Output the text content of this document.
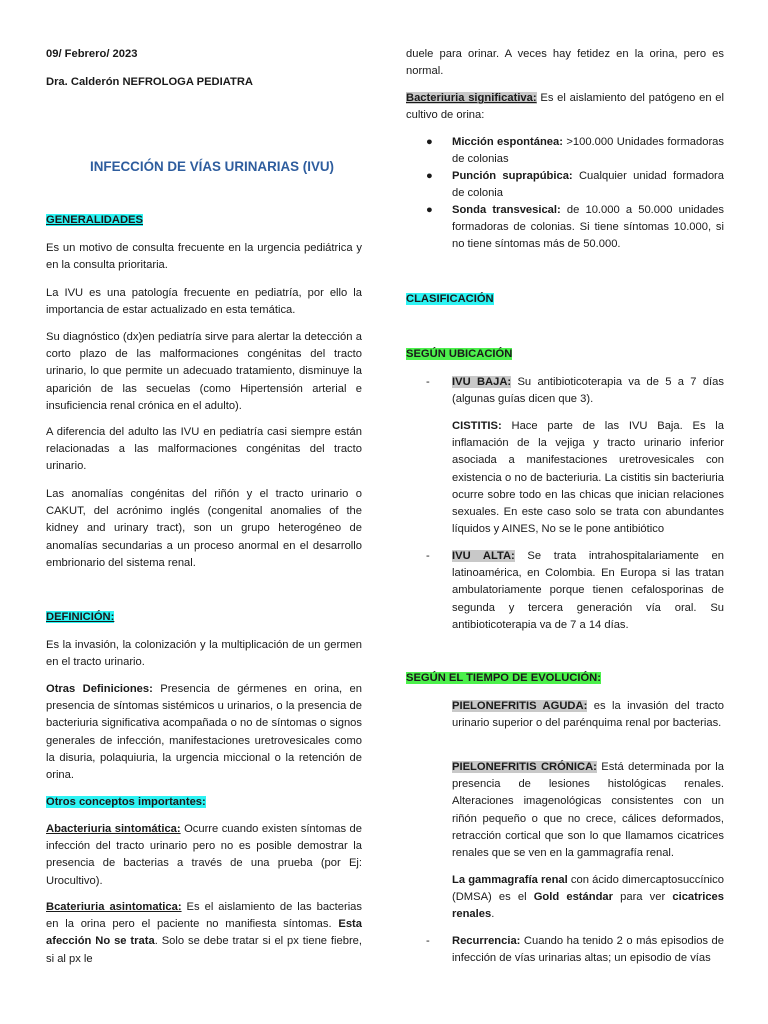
09/ Febrero/ 2023
Dra. Calderón NEFROLOGA PEDIATRA
INFECCIÓN DE VÍAS URINARIAS (IVU)
GENERALIDADES
Es un motivo de consulta frecuente en la urgencia pediátrica y en la consulta prioritaria.
La IVU es una patología frecuente en pediatría, por ello la importancia de estar actualizado en esta temática.
Su diagnóstico (dx)en pediatría sirve para alertar la detección a corto plazo de las malformaciones congénitas del tracto urinario, lo que permite un adecuado tratamiento, disminuye la aparición de las secuelas (como Hipertensión arterial e insuficiencia renal crónica en el adulto).
A diferencia del adulto las IVU en pediatría casi siempre están relacionadas a las malformaciones congénitas del tracto urinario.
Las anomalías congénitas del riñón y el tracto urinario o CAKUT, del acrónimo inglés (congenital anomalies of the kidney and urinary tract), son un grupo heterogéneo de anomalías secundarias a un proceso anormal en el desarrollo embrionario del sistema renal.
DEFINICIÓN:
Es la invasión, la colonización y la multiplicación de un germen en el tracto urinario.
Otras Definiciones: Presencia de gérmenes en orina, en presencia de síntomas sistémicos u urinarios, o la presencia de bacteriuria significativa acompañada o no de síntomas o signos generales de infección, manifestaciones uretrovesicales como la disuria, polaquiuria, la urgencia miccional o la retención de orina.
Otros conceptos importantes:
Abacteriuria sintomática: Ocurre cuando existen síntomas de infección del tracto urinario pero no es posible demostrar la presencia de bacterias a través de una prueba (por Ej: Urocultivo).
Bcateriuria asintomatica: Es el aislamiento de las bacterias en la orina pero el paciente no manifiesta síntomas. Esta afección No se trata. Solo se debe tratar si el px tiene fiebre, si al px le
duele para orinar. A veces hay fetidez en la orina, pero es normal.
Bacteriuria significativa: Es el aislamiento del patógeno en el cultivo de orina:
Micción espontánea: >100.000 Unidades formadoras de colonias
●
Punción suprapúbica: Cualquier unidad formadora de colonia
●
Sonda transvesical: de 10.000 a 50.000 unidades formadoras de colonias. Si tiene síntomas 10.000, si no tiene síntomas más de 50.000.
●
CLASIFICACIÓN
SEGÚN UBICACIÓN
-	IVU BAJA: Su antibioticoterapia va de 5 a 7 días (algunas guías dicen que 3).
CISTITIS: Hace parte de las IVU Baja. Es la inflamación de la vejiga y tracto urinario inferior asociada a manifestaciones uretrovesicales con existencia o no de bacteriuria. La cistitis sin bacteriuria ocurre sobre todo en las chicas que inician relaciones sexuales. En este caso solo se trata con abundantes líquidos y AINES, No se le pone antibiótico
-	IVU ALTA: Se trata intrahospitalariamente en latinoamérica, en Colombia. En Europa si las tratan ambulatoriamente porque tienen cefalosporinas de segunda y tercera generación vía oral. Su antibioticoterapia va de 7 a 14 días.
SEGÚN EL TIEMPO DE EVOLUCIÓN:
PIELONEFRITIS AGUDA: es la invasión del tracto urinario superior o del parénquima renal por bacterias.
PIELONEFRITIS CRÓNICA: Está determinada por la presencia de lesiones histológicas renales. Alteraciones imagenológicas consistentes con un riñón pequeño o que no crece, cálices deformados, retracción cortical que son lo que llamamos cicatrices renales que se ven en la gammagrafía renal.
La gammagrafía renal con ácido dimercaptosuccínico (DMSA) es el Gold estándar para ver cicatrices renales.
-	Recurrencia: Cuando ha tenido 2 o más episodios de infección de vías urinarias altas; un episodio de vías
